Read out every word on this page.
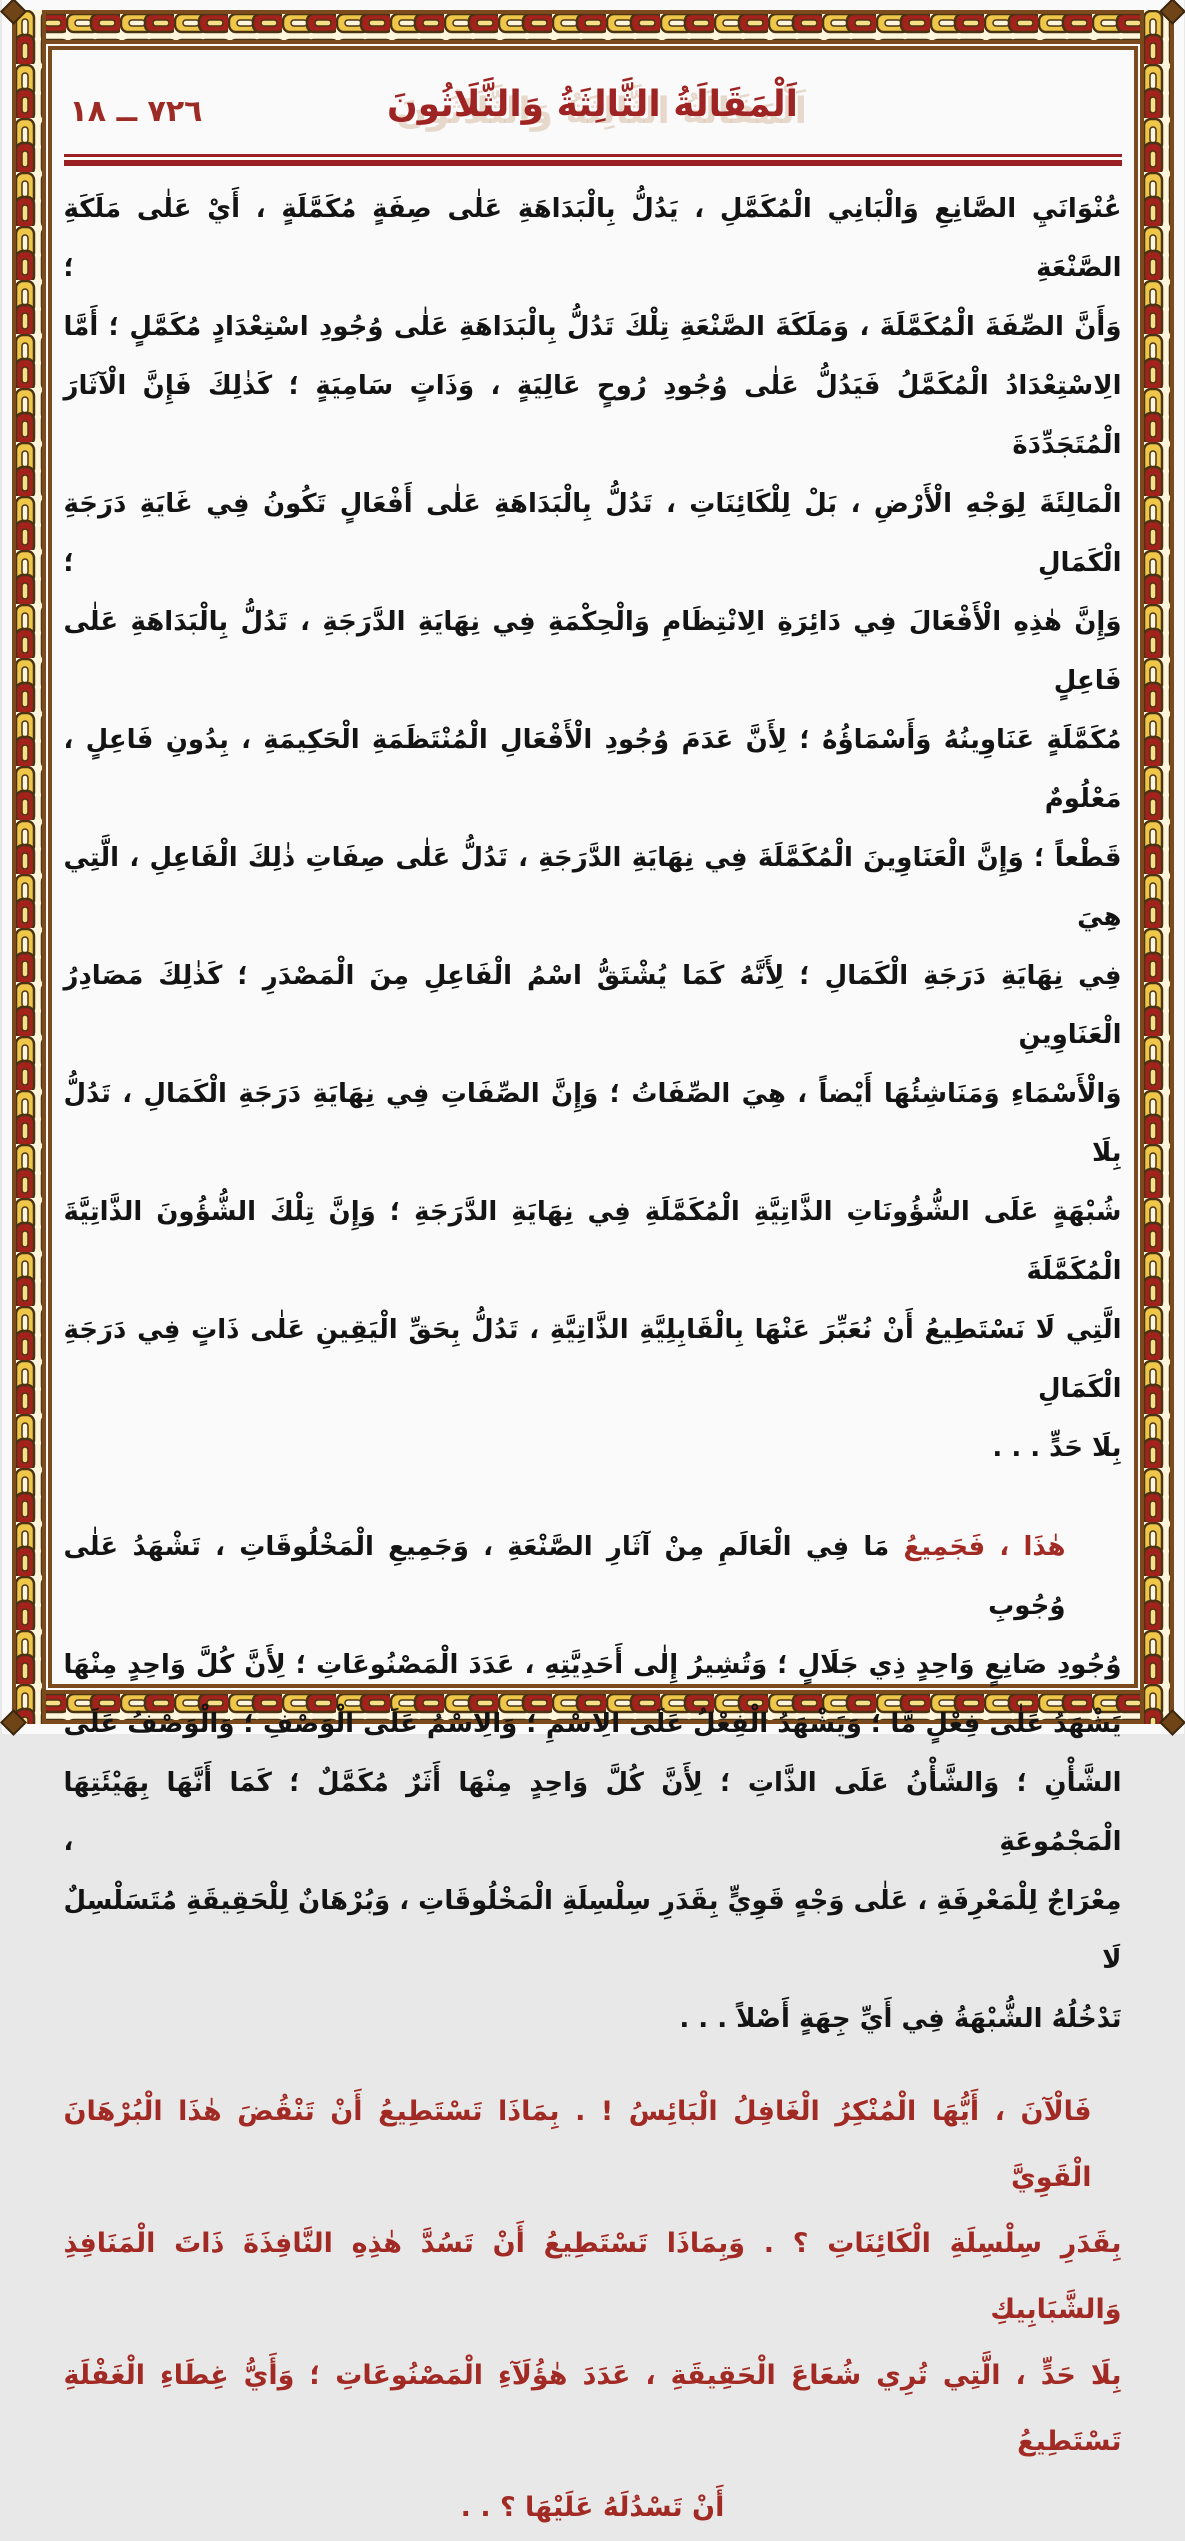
٧٢٦ ــ ١٨	اَلْمَقَالَةُ الثَّالِثَةُ وَالثَّلَاثُونَ
عُنْوَانَيِ الصَّانِعِ وَالْبَانِي الْمُكَمَّلِ ، يَدُلُّ بِالْبَدَاهَةِ عَلٰى صِفَةٍ مُكَمَّلَةٍ ، أَيْ عَلٰى مَلَكَةِ الصَّنْعَةِ ؛
وَأَنَّ الصِّفَةَ الْمُكَمَّلَةَ ، وَمَلَكَةَ الصَّنْعَةِ تِلْكَ تَدُلُّ بِالْبَدَاهَةِ عَلٰى وُجُودِ اسْتِعْدَادٍ مُكَمَّلٍ ؛ أَمَّا
الِاسْتِعْدَادُ الْمُكَمَّلُ فَيَدُلُّ عَلٰى وُجُودِ رُوحٍ عَالِيَةٍ ، وَذَاتٍ سَامِيَةٍ ؛ كَذٰلِكَ فَإِنَّ الْآثَارَ الْمُتَجَدِّدَةَ
الْمَالِئَةَ لِوَجْهِ الْأَرْضِ ، بَلْ لِلْكَائِنَاتِ ، تَدُلُّ بِالْبَدَاهَةِ عَلٰى أَفْعَالٍ تَكُونُ فِي غَايَةِ دَرَجَةِ الْكَمَالِ ؛
وَإِنَّ هٰذِهِ الْأَفْعَالَ فِي دَائِرَةِ الِانْتِظَامِ وَالْحِكْمَةِ فِي نِهَايَةِ الدَّرَجَةِ ، تَدُلُّ بِالْبَدَاهَةِ عَلٰى فَاعِلٍ
مُكَمَّلَةٍ عَنَاوِينُهُ وَأَسْمَاؤُهُ ؛ لِأَنَّ عَدَمَ وُجُودِ الْأَفْعَالِ الْمُنْتَظَمَةِ الْحَكِيمَةِ ، بِدُونِ فَاعِلٍ ، مَعْلُومٌ
قَطْعاً ؛ وَإِنَّ الْعَنَاوِينَ الْمُكَمَّلَةَ فِي نِهَايَةِ الدَّرَجَةِ ، تَدُلُّ عَلٰى صِفَاتِ ذٰلِكَ الْفَاعِلِ ، الَّتِي هِيَ
فِي نِهَايَةِ دَرَجَةِ الْكَمَالِ ؛ لِأَنَّهُ كَمَا يُشْتَقُّ اسْمُ الْفَاعِلِ مِنَ الْمَصْدَرِ ؛ كَذٰلِكَ مَصَادِرُ الْعَنَاوِينِ
وَالْأَسْمَاءِ وَمَنَاشِئُهَا أَيْضاً ، هِيَ الصِّفَاتُ ؛ وَإِنَّ الصِّفَاتِ فِي نِهَايَةِ دَرَجَةِ الْكَمَالِ ، تَدُلُّ بِلَا
شُبْهَةٍ عَلَى الشُّؤُونَاتِ الذَّاتِيَّةِ الْمُكَمَّلَةِ فِي نِهَايَةِ الدَّرَجَةِ ؛ وَإِنَّ تِلْكَ الشُّؤُونَ الذَّاتِيَّةَ الْمُكَمَّلَةَ
الَّتِي لَا نَسْتَطِيعُ أَنْ نُعَبِّرَ عَنْهَا بِالْقَابِلِيَّةِ الذَّاتِيَّةِ ، تَدُلُّ بِحَقِّ الْيَقِينِ عَلٰى ذَاتٍ فِي دَرَجَةِ الْكَمَالِ
بِلَا حَدٍّ . . .
هٰذَا ، فَجَمِيعُ مَا فِي الْعَالَمِ مِنْ آثَارِ الصَّنْعَةِ ، وَجَمِيعِ الْمَخْلُوقَاتِ ، تَشْهَدُ عَلٰى وُجُوبِ
وُجُودِ صَانِعٍ وَاحِدٍ ذِي جَلَالٍ ؛ وَتُشِيرُ إِلٰى أَحَدِيَّتِهِ ، عَدَدَ الْمَصْنُوعَاتِ ؛ لِأَنَّ كُلَّ وَاحِدٍ مِنْهَا
يَشْهَدُ عَلٰى فِعْلٍ مَّا ؛ وَيَشْهَدُ الْفِعْلُ عَلَى الِاسْمِ ؛ وَالِاسْمُ عَلَى الْوَصْفِ ؛ وَالْوَصْفُ عَلَى
الشَّأْنِ ؛ وَالشَّأْنُ عَلَى الذَّاتِ ؛ لِأَنَّ كُلَّ وَاحِدٍ مِنْهَا أَثَرٌ مُكَمَّلٌ ؛ كَمَا أَنَّهَا بِهَيْئَتِهَا الْمَجْمُوعَةِ ،
مِعْرَاجٌ لِلْمَعْرِفَةِ ، عَلٰى وَجْهٍ قَوِيٍّ بِقَدَرِ سِلْسِلَةِ الْمَخْلُوقَاتِ ، وَبُرْهَانٌ لِلْحَقِيقَةِ مُتَسَلْسِلٌ لَا
تَدْخُلُهُ الشُّبْهَةُ فِي أَيِّ جِهَةٍ أَصْلاً . . .
فَالْآنَ ، أَيُّهَا الْمُنْكِرُ الْغَافِلُ الْبَائِسُ ! . بِمَاذَا تَسْتَطِيعُ أَنْ تَنْقُضَ هٰذَا الْبُرْهَانَ الْقَوِيَّ
بِقَدَرِ سِلْسِلَةِ الْكَائِنَاتِ ؟ . وَبِمَاذَا تَسْتَطِيعُ أَنْ تَسُدَّ هٰذِهِ النَّافِذَةَ ذَاتَ الْمَنَافِذِ وَالشَّبَابِيكِ
بِلَا حَدٍّ ، الَّتِي تُرِي شُعَاعَ الْحَقِيقَةِ ، عَدَدَ هٰؤُلَآءِ الْمَصْنُوعَاتِ ؛ وَأَيُّ غِطَاءِ الْغَفْلَةِ تَسْتَطِيعُ
أَنْ تَسْدُلَهُ عَلَيْهَا ؟ . .
